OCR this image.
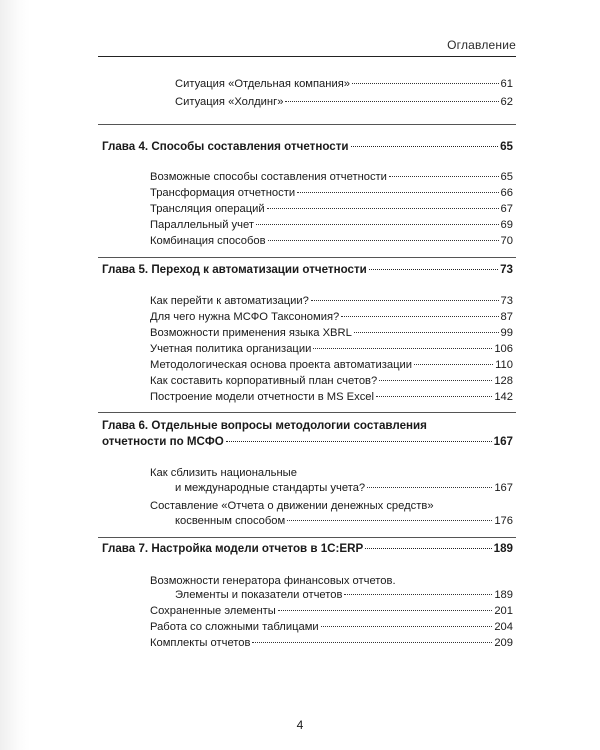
Оглавление
Ситуация «Отдельная компания»	61
Ситуация «Холдинг»	62
Глава 4. Способы составления отчетности	65
Возможные способы составления отчетности	65
Трансформация отчетности	66
Трансляция операций	67
Параллельный учет	69
Комбинация способов	70
Глава 5. Переход к автоматизации отчетности	73
Как перейти к автоматизации?	73
Для чего нужна МСФО Таксономия?	87
Возможности применения языка XBRL	99
Учетная политика организации	106
Методологическая основа проекта автоматизации	110
Как составить корпоративный план счетов?	128
Построение модели отчетности в MS Excel	142
Глава 6. Отдельные вопросы методологии составления
отчетности по МСФО	167
Как сблизить национальные
и международные стандарты учета?	167
Составление «Отчета о движении денежных средств»
косвенным способом	176
Глава 7. Настройка модели отчетов в 1С:ERP	189
Возможности генератора финансовых отчетов.
Элементы и показатели отчетов	189
Сохраненные элементы	201
Работа со сложными таблицами	204
Комплекты отчетов	209
4
